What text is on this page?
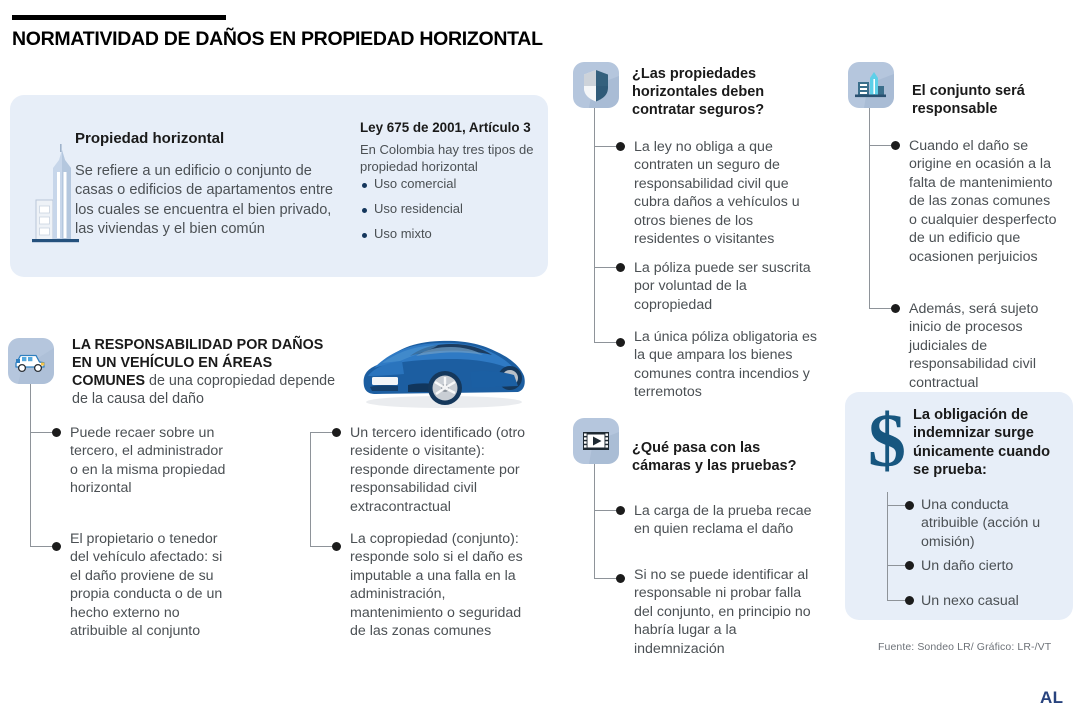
NORMATIVIDAD DE DAÑOS EN PROPIEDAD HORIZONTAL
Propiedad horizontal
Se refiere a un edificio o conjunto de casas o edificios de apartamentos entre los cuales se encuentra el bien privado, las viviendas y el bien común
Ley 675 de 2001, Artículo 3
En Colombia hay tres tipos de propiedad horizontal
Uso comercial
Uso residencial
Uso mixto
LA RESPONSABILIDAD POR DAÑOS EN UN VEHÍCULO EN ÁREAS COMUNES de una copropiedad depende de la causa del daño
Puede recaer sobre un tercero, el administrador o en la misma propiedad horizontal
El propietario o tenedor del vehículo afectado: si el daño proviene de su propia conducta o de un hecho externo no atribuible al conjunto
Un tercero identificado (otro residente o visitante): responde directamente por responsabilidad civil extracontractual
La copropiedad (conjunto): responde solo si el daño es imputable a una falla en la administración, mantenimiento o seguridad de las zonas comunes
¿Las propiedades horizontales deben contratar seguros?
La ley no obliga a que contraten un seguro de responsabilidad civil que cubra daños a vehículos u otros bienes de los residentes o visitantes
La póliza puede ser suscrita por voluntad de la copropiedad
La única póliza obligatoria es la que ampara los bienes comunes contra incendios y terremotos
¿Qué pasa con las cámaras y las pruebas?
La carga de la prueba recae en quien reclama el daño
Si no se puede identificar al responsable ni probar falla del conjunto, en principio no habría lugar a la indemnización
El conjunto será responsable
Cuando el daño se origine en ocasión a la falta de mantenimiento de las zonas comunes o cualquier desperfecto de un edificio que ocasionen perjuicios
Además, será sujeto inicio de procesos judiciales de responsabilidad civil contractual
$ La obligación de indemnizar surge únicamente cuando se prueba:
Una conducta atribuible (acción u omisión)
Un daño cierto
Un nexo casual
Fuente: Sondeo LR/ Gráfico: LR-/VT
AL
